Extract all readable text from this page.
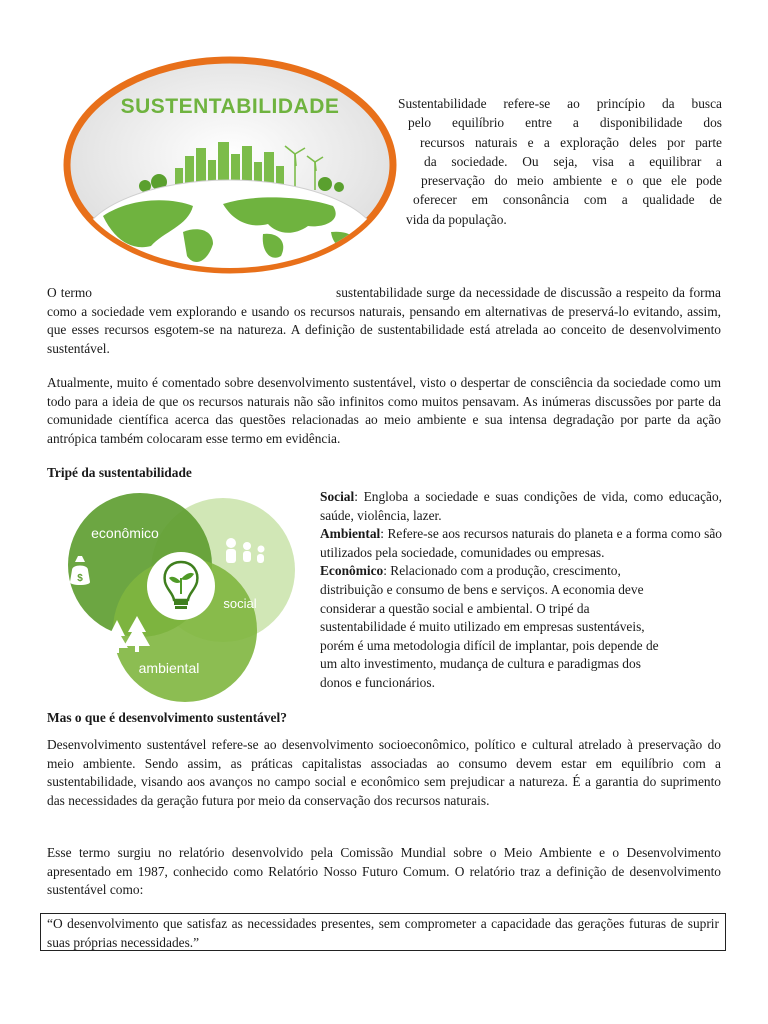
SUSTENTABILIDADE	Sustentabilidade refere-se ao princípio da busca
pelo equilíbrio entre a disponibilidade dos
recursos naturais e a exploração deles por parte
da sociedade. Ou seja, visa a equilibrar a
preservação do meio ambiente e o que ele pode
oferecer em consonância com a qualidade de
vida da população.
O termo	sustentabilidade surge da necessidade de discussão a respeito da forma como a sociedade vem explorando e usando os recursos naturais, pensando em alternativas de preservá-lo evitando, assim, que esses recursos esgotem-se na natureza. A definição de sustentabilidade está atrelada ao conceito de desenvolvimento sustentável.
Atualmente, muito é comentado sobre desenvolvimento sustentável, visto o despertar de consciência da sociedade como um todo para a ideia de que os recursos naturais não são infinitos como muitos pensavam. As inúmeras discussões por parte da comunidade científica acerca das questões relacionadas ao meio ambiente e sua intensa degradação por parte da ação antrópica também colocaram esse termo em evidência.
Tripé da sustentabilidade
econômico
social
ambiental
$
Social: Engloba a sociedade e suas condições de vida, como educação, saúde, violência, lazer.
Ambiental: Refere-se aos recursos naturais do planeta e a forma como são utilizados pela sociedade, comunidades ou empresas.
Econômico: Relacionado com a produção, crescimento, distribuição e consumo de bens e serviços. A economia deve considerar a questão social e ambiental. O tripé da sustentabilidade é muito utilizado em empresas sustentáveis, porém é uma metodologia difícil de implantar, pois depende de um alto investimento, mudança de cultura e paradigmas dos donos e funcionários.
Mas o que é desenvolvimento sustentável?
Desenvolvimento sustentável refere-se ao desenvolvimento socioeconômico, político e cultural atrelado à preservação do meio ambiente. Sendo assim, as práticas capitalistas associadas ao consumo devem estar em equilíbrio com a sustentabilidade, visando aos avanços no campo social e econômico sem prejudicar a natureza. É a garantia do suprimento das necessidades da geração futura por meio da conservação dos recursos naturais.
Esse termo surgiu no relatório desenvolvido pela Comissão Mundial sobre o Meio Ambiente e o Desenvolvimento apresentado em 1987, conhecido como Relatório Nosso Futuro Comum. O relatório traz a definição de desenvolvimento sustentável como:
“O desenvolvimento que satisfaz as necessidades presentes, sem comprometer a capacidade das gerações futuras de suprir suas próprias necessidades.”
